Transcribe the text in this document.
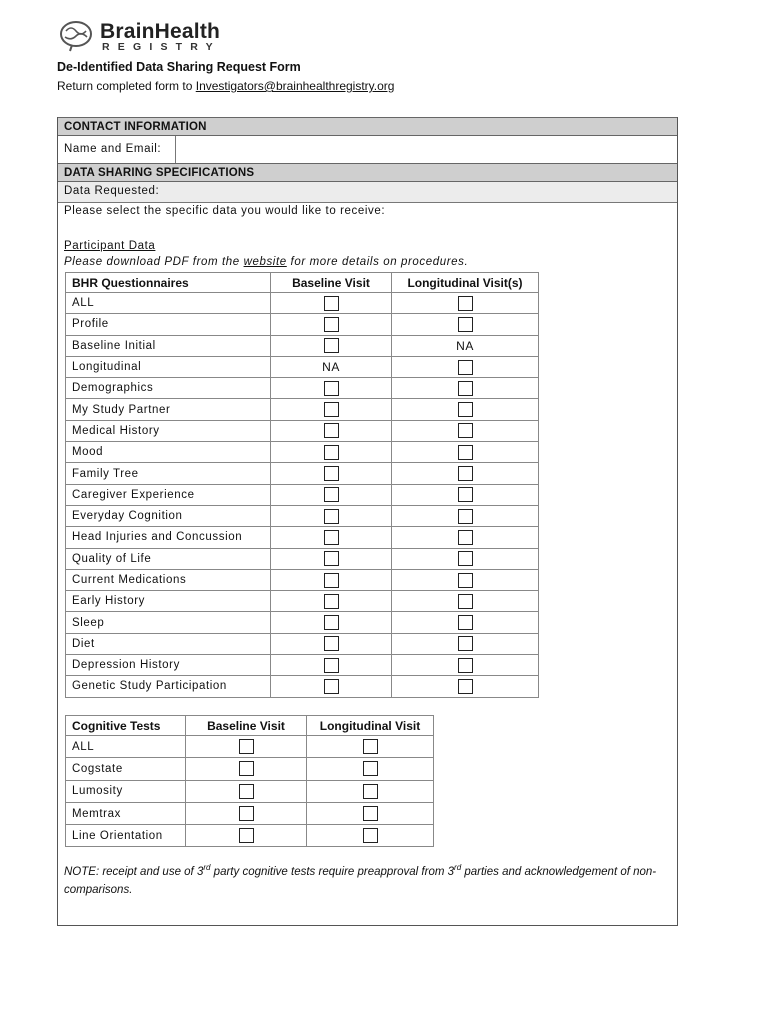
BrainHealth
REGISTRY
De-Identified Data Sharing Request Form
Return completed form to Investigators@brainhealthregistry.org
CONTACT INFORMATION
Name and Email:
DATA SHARING SPECIFICATIONS
Data Requested:
Please select the specific data you would like to receive:
Participant Data
Please download PDF from the website for more details on procedures.
BHR Questionnaires	Baseline Visit	Longitudinal Visit(s)
ALL		
Profile		
Baseline Initial		NA
Longitudinal	NA	
Demographics		
My Study Partner		
Medical History		
Mood		
Family Tree		
Caregiver Experience		
Everyday Cognition		
Head Injuries and Concussion		
Quality of Life		
Current Medications		
Early History		
Sleep		
Diet		
Depression History		
Genetic Study Participation		
Cognitive Tests	Baseline Visit	Longitudinal Visit
ALL		
Cogstate		
Lumosity		
Memtrax		
Line Orientation		
NOTE: receipt and use of 3rd party cognitive tests require preapproval from 3rd parties and acknowledgement of non-comparisons.
